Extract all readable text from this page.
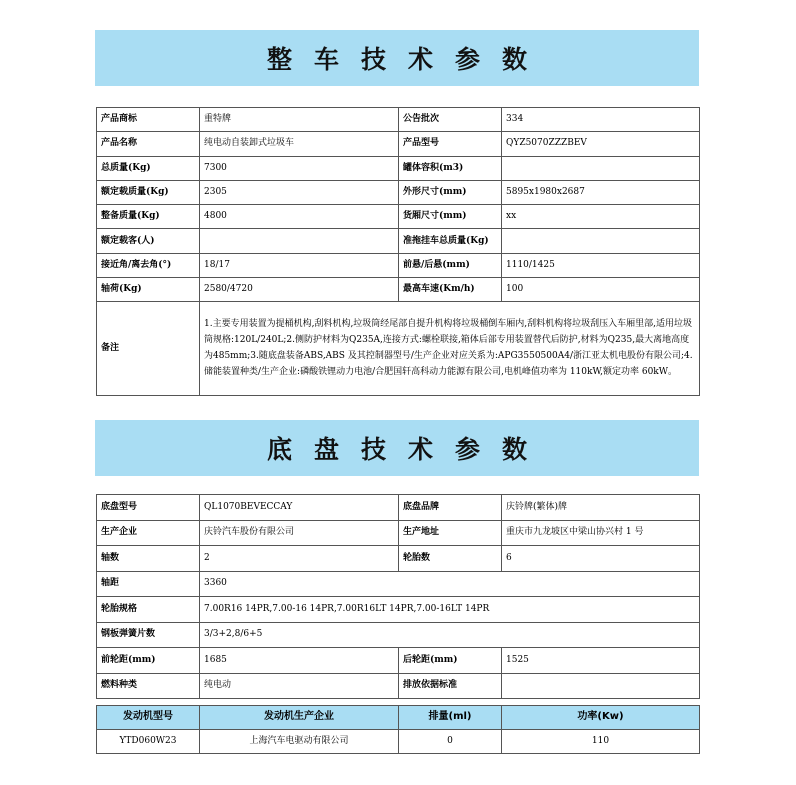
整车技术参数
产品商标	重特牌	公告批次	334
产品名称	纯电动自装卸式垃圾车	产品型号	QYZ5070ZZZBEV
总质量(Kg)	7300	罐体容积(m3)	
额定载质量(Kg)	2305	外形尺寸(mm)	5895x1980x2687
整备质量(Kg)	4800	货厢尺寸(mm)	xx
额定载客(人)		准拖挂车总质量(Kg)	
接近角/离去角(°)	18/17	前悬/后悬(mm)	1110/1425
轴荷(Kg)	2580/4720	最高车速(Km/h)	100
备注	1.主要专用装置为提桶机构,刮料机构,垃圾筒经尾部自提升机构将垃圾桶倒车厢内,刮料机构将垃圾刮压入车厢里部,适用垃圾筒规格:120L/240L;2.侧防护材料为Q235A,连接方式:螺栓联接,箱体后部专用装置替代后防护,材料为Q235,最大离地高度为485mm;3.随底盘装备ABS,ABS 及其控制器型号/生产企业对应关系为:APG3550500A4/浙江亚太机电股份有限公司;4.储能装置种类/生产企业:磷酸铁锂动力电池/合肥国轩高科动力能源有限公司,电机峰值功率为 110kW,额定功率 60kW。		
底盘技术参数
底盘型号	QL1070BEVECCAY	底盘品牌	庆铃牌(繁体)牌
生产企业	庆铃汽车股份有限公司	生产地址	重庆市九龙坡区中梁山协兴村 1 号
轴数	2	轮胎数	6
轴距	3360		
轮胎规格	7.00R16 14PR,7.00-16 14PR,7.00R16LT 14PR,7.00-16LT 14PR		
钢板弹簧片数	3/3+2,8/6+5		
前轮距(mm)	1685	后轮距(mm)	1525
燃料种类	纯电动	排放依据标准	
发动机型号	发动机生产企业	排量(ml)	功率(Kw)
YTD060W23	上海汽车电驱动有限公司	0	110
